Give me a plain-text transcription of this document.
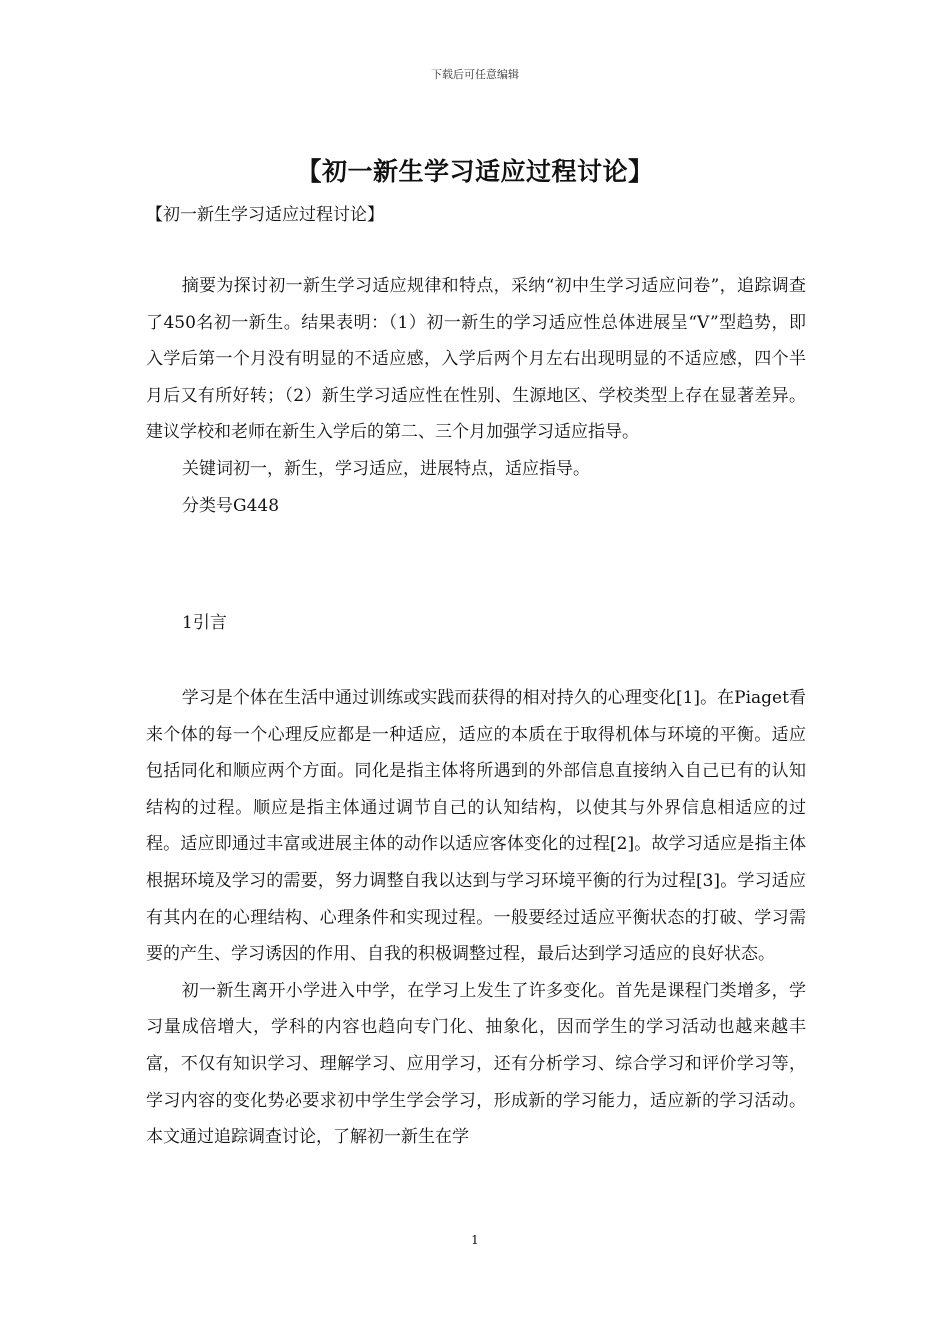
下载后可任意编辑
【初一新生学习适应过程讨论】
【初一新生学习适应过程讨论】

摘要为探讨初一新生学习适应规律和特点，采纳“初中生学习适应问卷”，追踪调查了450名初一新生。结果表明：（1）初一新生的学习适应性总体进展呈“V”型趋势，即入学后第一个月没有明显的不适应感，入学后两个月左右出现明显的不适应感，四个半月后又有所好转；（2）新生学习适应性在性别、生源地区、学校类型上存在显著差异。建议学校和老师在新生入学后的第二、三个月加强学习适应指导。

关键词初一，新生，学习适应，进展特点，适应指导。

分类号G448

1引言

学习是个体在生活中通过训练或实践而获得的相对持久的心理变化[1]。在Piaget看来个体的每一个心理反应都是一种适应，适应的本质在于取得机体与环境的平衡。适应包括同化和顺应两个方面。同化是指主体将所遇到的外部信息直接纳入自己已有的认知结构的过程。顺应是指主体通过调节自己的认知结构，以使其与外界信息相适应的过程。适应即通过丰富或进展主体的动作以适应客体变化的过程[2]。故学习适应是指主体根据环境及学习的需要，努力调整自我以达到与学习环境平衡的行为过程[3]。学习适应有其内在的心理结构、心理条件和实现过程。一般要经过适应平衡状态的打破、学习需要的产生、学习诱因的作用、自我的积极调整过程，最后达到学习适应的良好状态。

初一新生离开小学进入中学，在学习上发生了许多变化。首先是课程门类增多，学习量成倍增大，学科的内容也趋向专门化、抽象化，因而学生的学习活动也越来越丰富，不仅有知识学习、理解学习、应用学习，还有分析学习、综合学习和评价学习等，学习内容的变化势必要求初中学生学会学习，形成新的学习能力，适应新的学习活动。本文通过追踪调查讨论，了解初一新生在学

1
